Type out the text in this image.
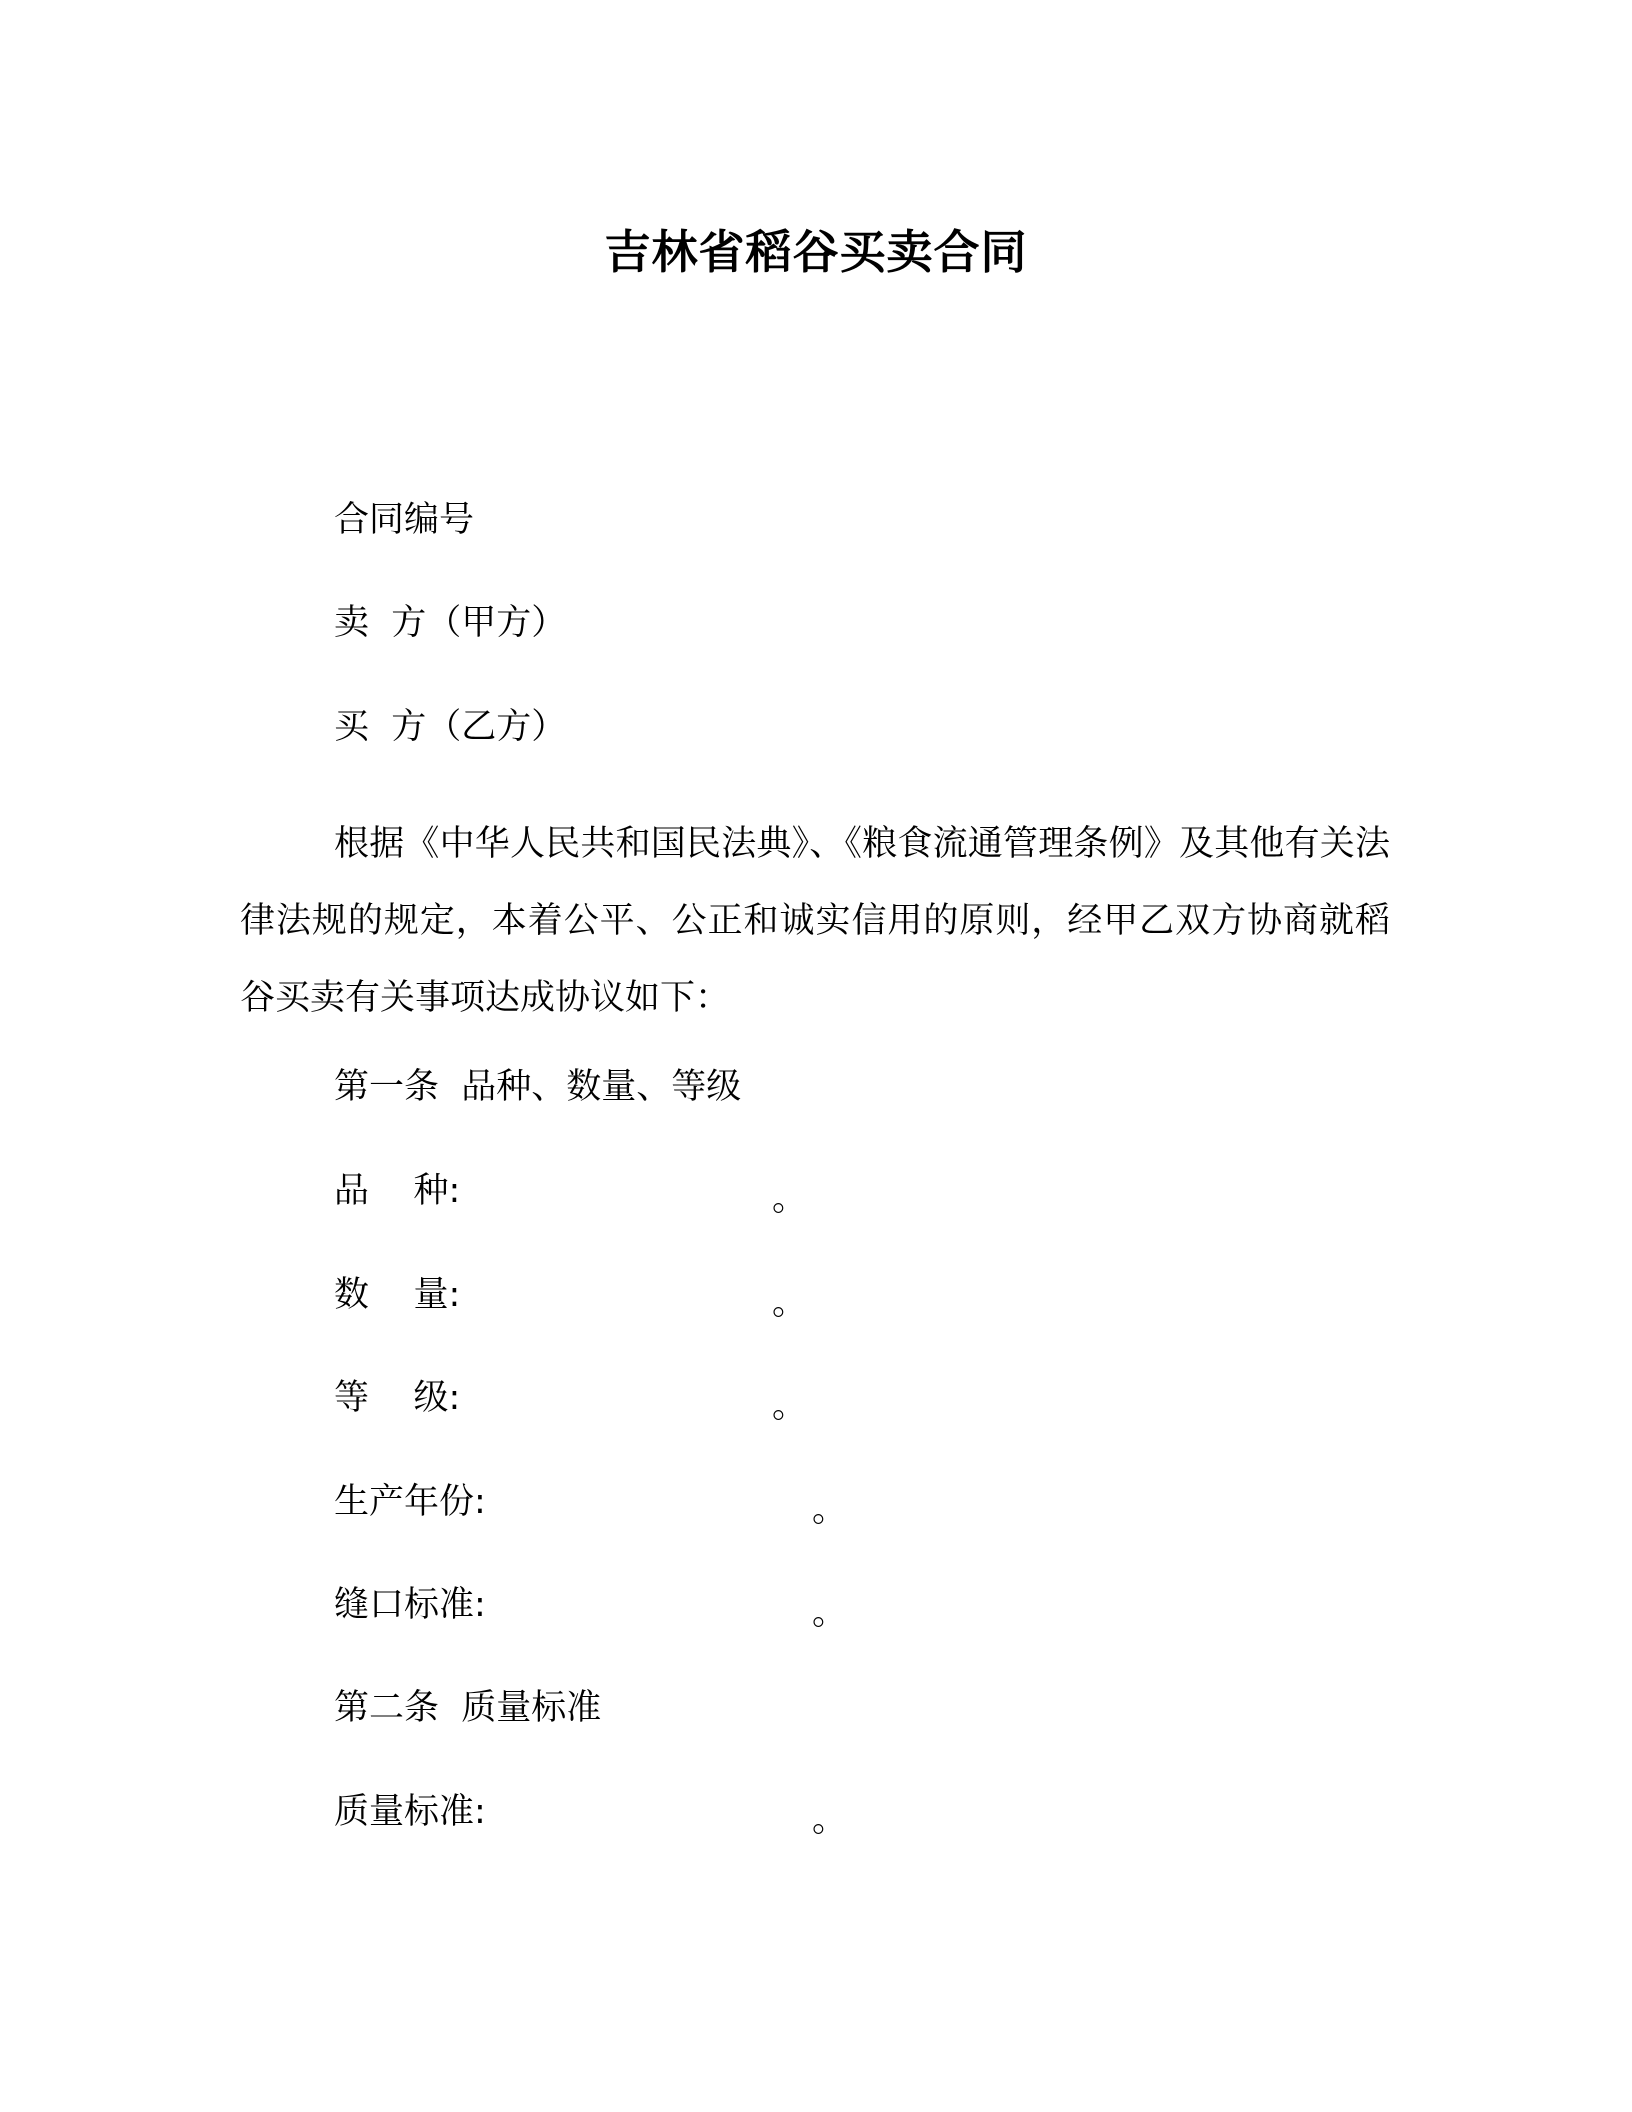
吉林省稻谷买卖合同
合同编号
卖  方（甲方）
买  方（乙方）
根据《中华人民共和国民法典》、《粮食流通管理条例》及其他有关法律法规的规定，本着公平、公正和诚实信用的原则，经甲乙双方协商就稻谷买卖有关事项达成协议如下：
第一条  品种、数量、等级
品    种:	。
数    量:	。
等    级:	。
生产年份:	。
缝口标准:	。
第二条  质量标准
质量标准:	。
